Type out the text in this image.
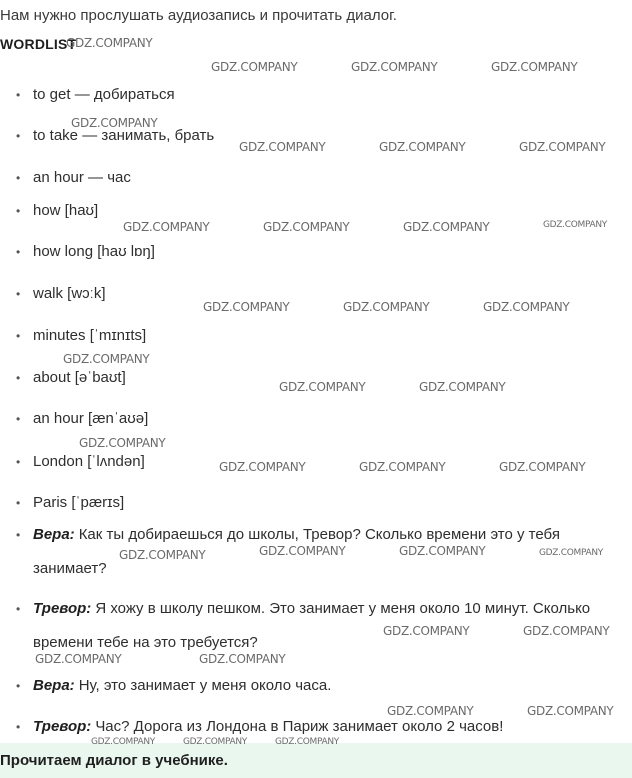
Нам нужно прослушать аудиозапись и прочитать диалог.
WORDLIST
• to get — добираться
• to take — занимать, брать
• an hour — час
• how [haʊ]
• how long [haʊ lɒŋ]
• walk [wɔːk]
• minutes [ˈmɪnɪts]
• about [əˈbaʊt]
• an hour [ænˈaʊə]
• London [ˈlʌndən]
• Paris [ˈpærɪs]
• Вера: Как ты добираешься до школы, Тревор? Сколько времени это у тебя занимает?
• Тревор: Я хожу в школу пешком. Это занимает у меня около 10 минут. Сколько времени тебе на это требуется?
• Вера: Ну, это занимает у меня около часа.
• Тревор: Час? Дорога из Лондона в Париж занимает около 2 часов!
Прочитаем диалог в учебнике.
GDZ.COMPANY
GDZ.COMPANY	GDZ.COMPANY	GDZ.COMPANY
GDZ.COMPANY
GDZ.COMPANY	GDZ.COMPANY	GDZ.COMPANY
GDZ.COMPANY	GDZ.COMPANY	GDZ.COMPANY	GDZ.COMPANY
GDZ.COMPANY	GDZ.COMPANY	GDZ.COMPANY
GDZ.COMPANY
GDZ.COMPANY	GDZ.COMPANY
GDZ.COMPANY
GDZ.COMPANY	GDZ.COMPANY	GDZ.COMPANY
GDZ.COMPANY	GDZ.COMPANY	GDZ.COMPANY	GDZ.COMPANY
GDZ.COMPANY	GDZ.COMPANY
GDZ.COMPANY	GDZ.COMPANY
GDZ.COMPANY	GDZ.COMPANY
GDZ.COMPANY	GDZ.COMPANY	GDZ.COMPANY
